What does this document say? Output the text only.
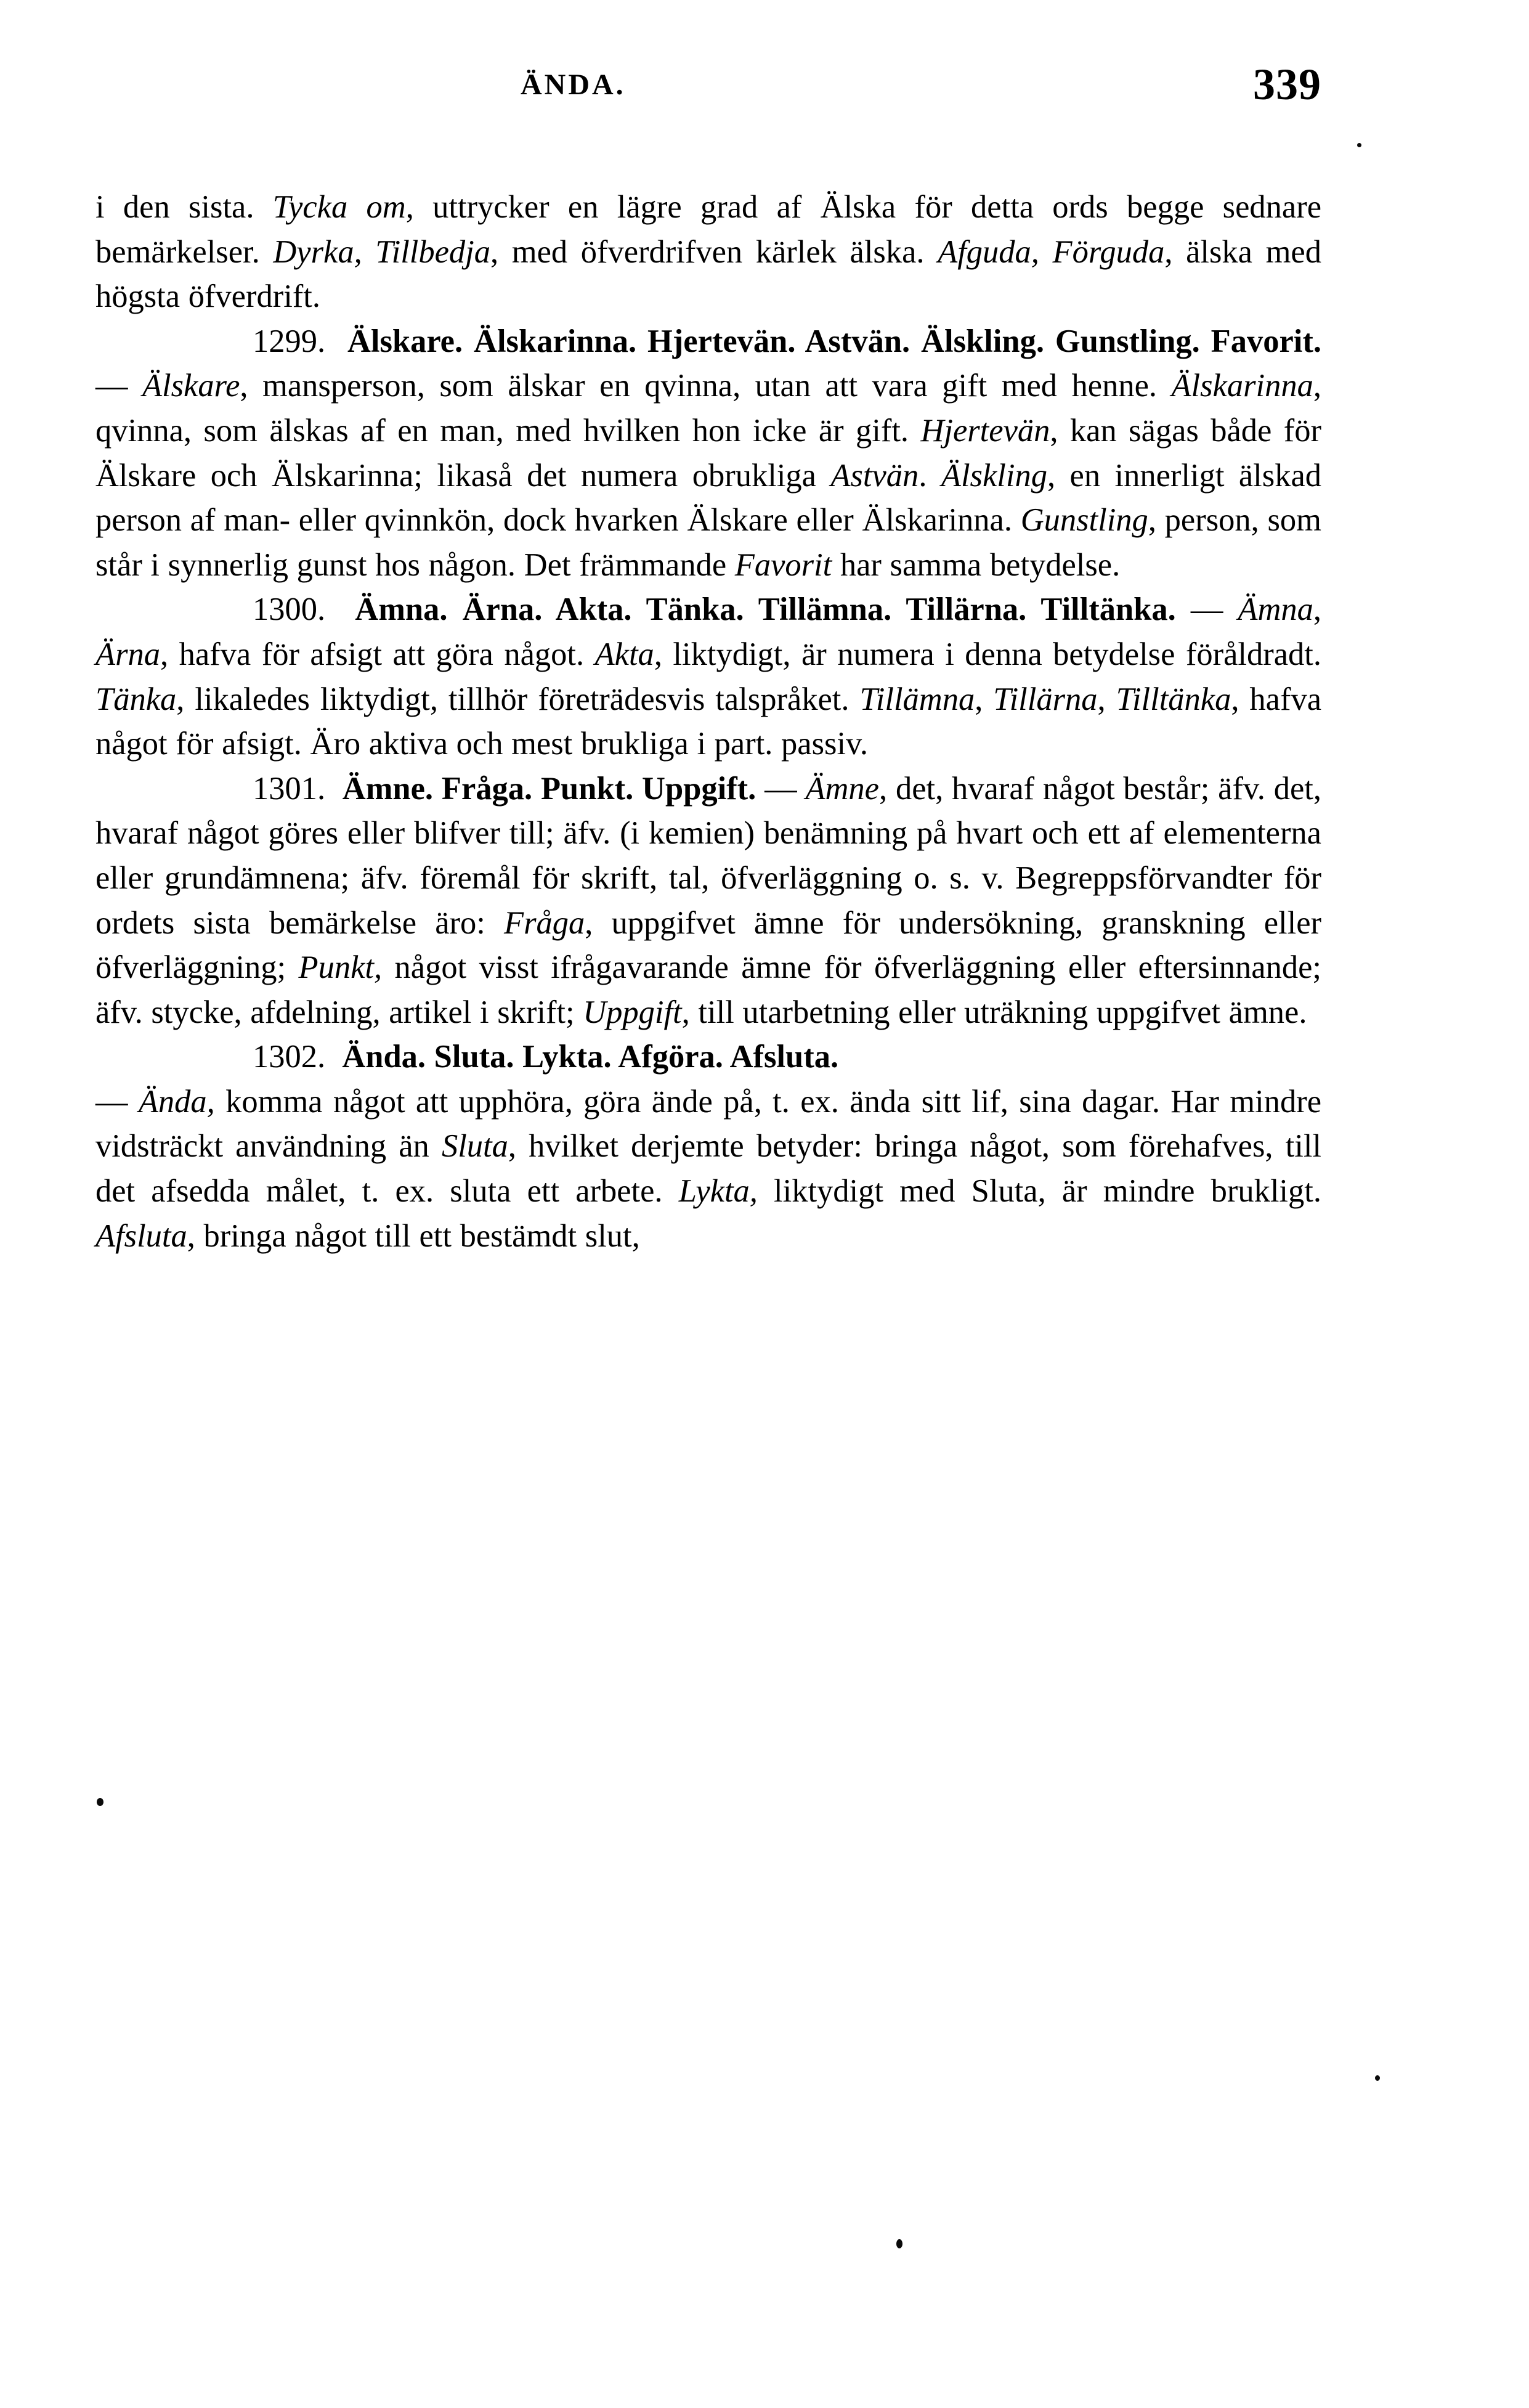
ÄNDA.	339

i den sista. Tycka om, uttrycker en lägre grad af Älska för detta ords begge sednare bemärkelser. Dyrka, Tillbedja, med öfverdrifven kärlek älska. Afguda, Förguda, älska med högsta öfverdrift.

1299. Älskare. Älskarinna. Hjertevän. Astvän. Älskling. Gunstling. Favorit. — Älskare, mansperson, som älskar en qvinna, utan att vara gift med henne. Älskarinna, qvinna, som älskas af en man, med hvilken hon icke är gift. Hjertevän, kan sägas både för Älskare och Älskarinna; likaså det numera obrukliga Astvän. Älskling, en innerligt älskad person af man- eller qvinnkön, dock hvarken Älskare eller Älskarinna. Gunstling, person, som står i synnerlig gunst hos någon. Det främmande Favorit har samma betydelse.

1300. Ämna. Ärna. Akta. Tänka. Tillämna. Tillärna. Tilltänka. — Ämna, Ärna, hafva för afsigt att göra något. Akta, liktydigt, är numera i denna betydelse föråldradt. Tänka, likaledes liktydigt, tillhör företrädesvis talspråket. Tillämna, Tillärna, Tilltänka, hafva något för afsigt. Äro aktiva och mest brukliga i part. passiv.

1301. Ämne. Fråga. Punkt. Uppgift. — Ämne, det, hvaraf något består; äfv. det, hvaraf något göres eller blifver till; äfv. (i kemien) benämning på hvart och ett af elementerna eller grundämnena; äfv. föremål för skrift, tal, öfverläggning o. s. v. Begreppsförvandter för ordets sista bemärkelse äro: Fråga, uppgifvet ämne för undersökning, granskning eller öfverläggning; Punkt, något visst ifrågavarande ämne för öfverläggning eller eftersinnande; äfv. stycke, afdelning, artikel i skrift; Uppgift, till utarbetning eller uträkning uppgifvet ämne.

1302. Ända. Sluta. Lykta. Afgöra. Afsluta.

— Ända, komma något att upphöra, göra ände på, t. ex. ända sitt lif, sina dagar. Har mindre vidsträckt användning än Sluta, hvilket derjemte betyder: bringa något, som förehafves, till det afsedda målet, t. ex. sluta ett arbete. Lykta, liktydigt med Sluta, är mindre brukligt. Afsluta, bringa något till ett bestämdt slut,
